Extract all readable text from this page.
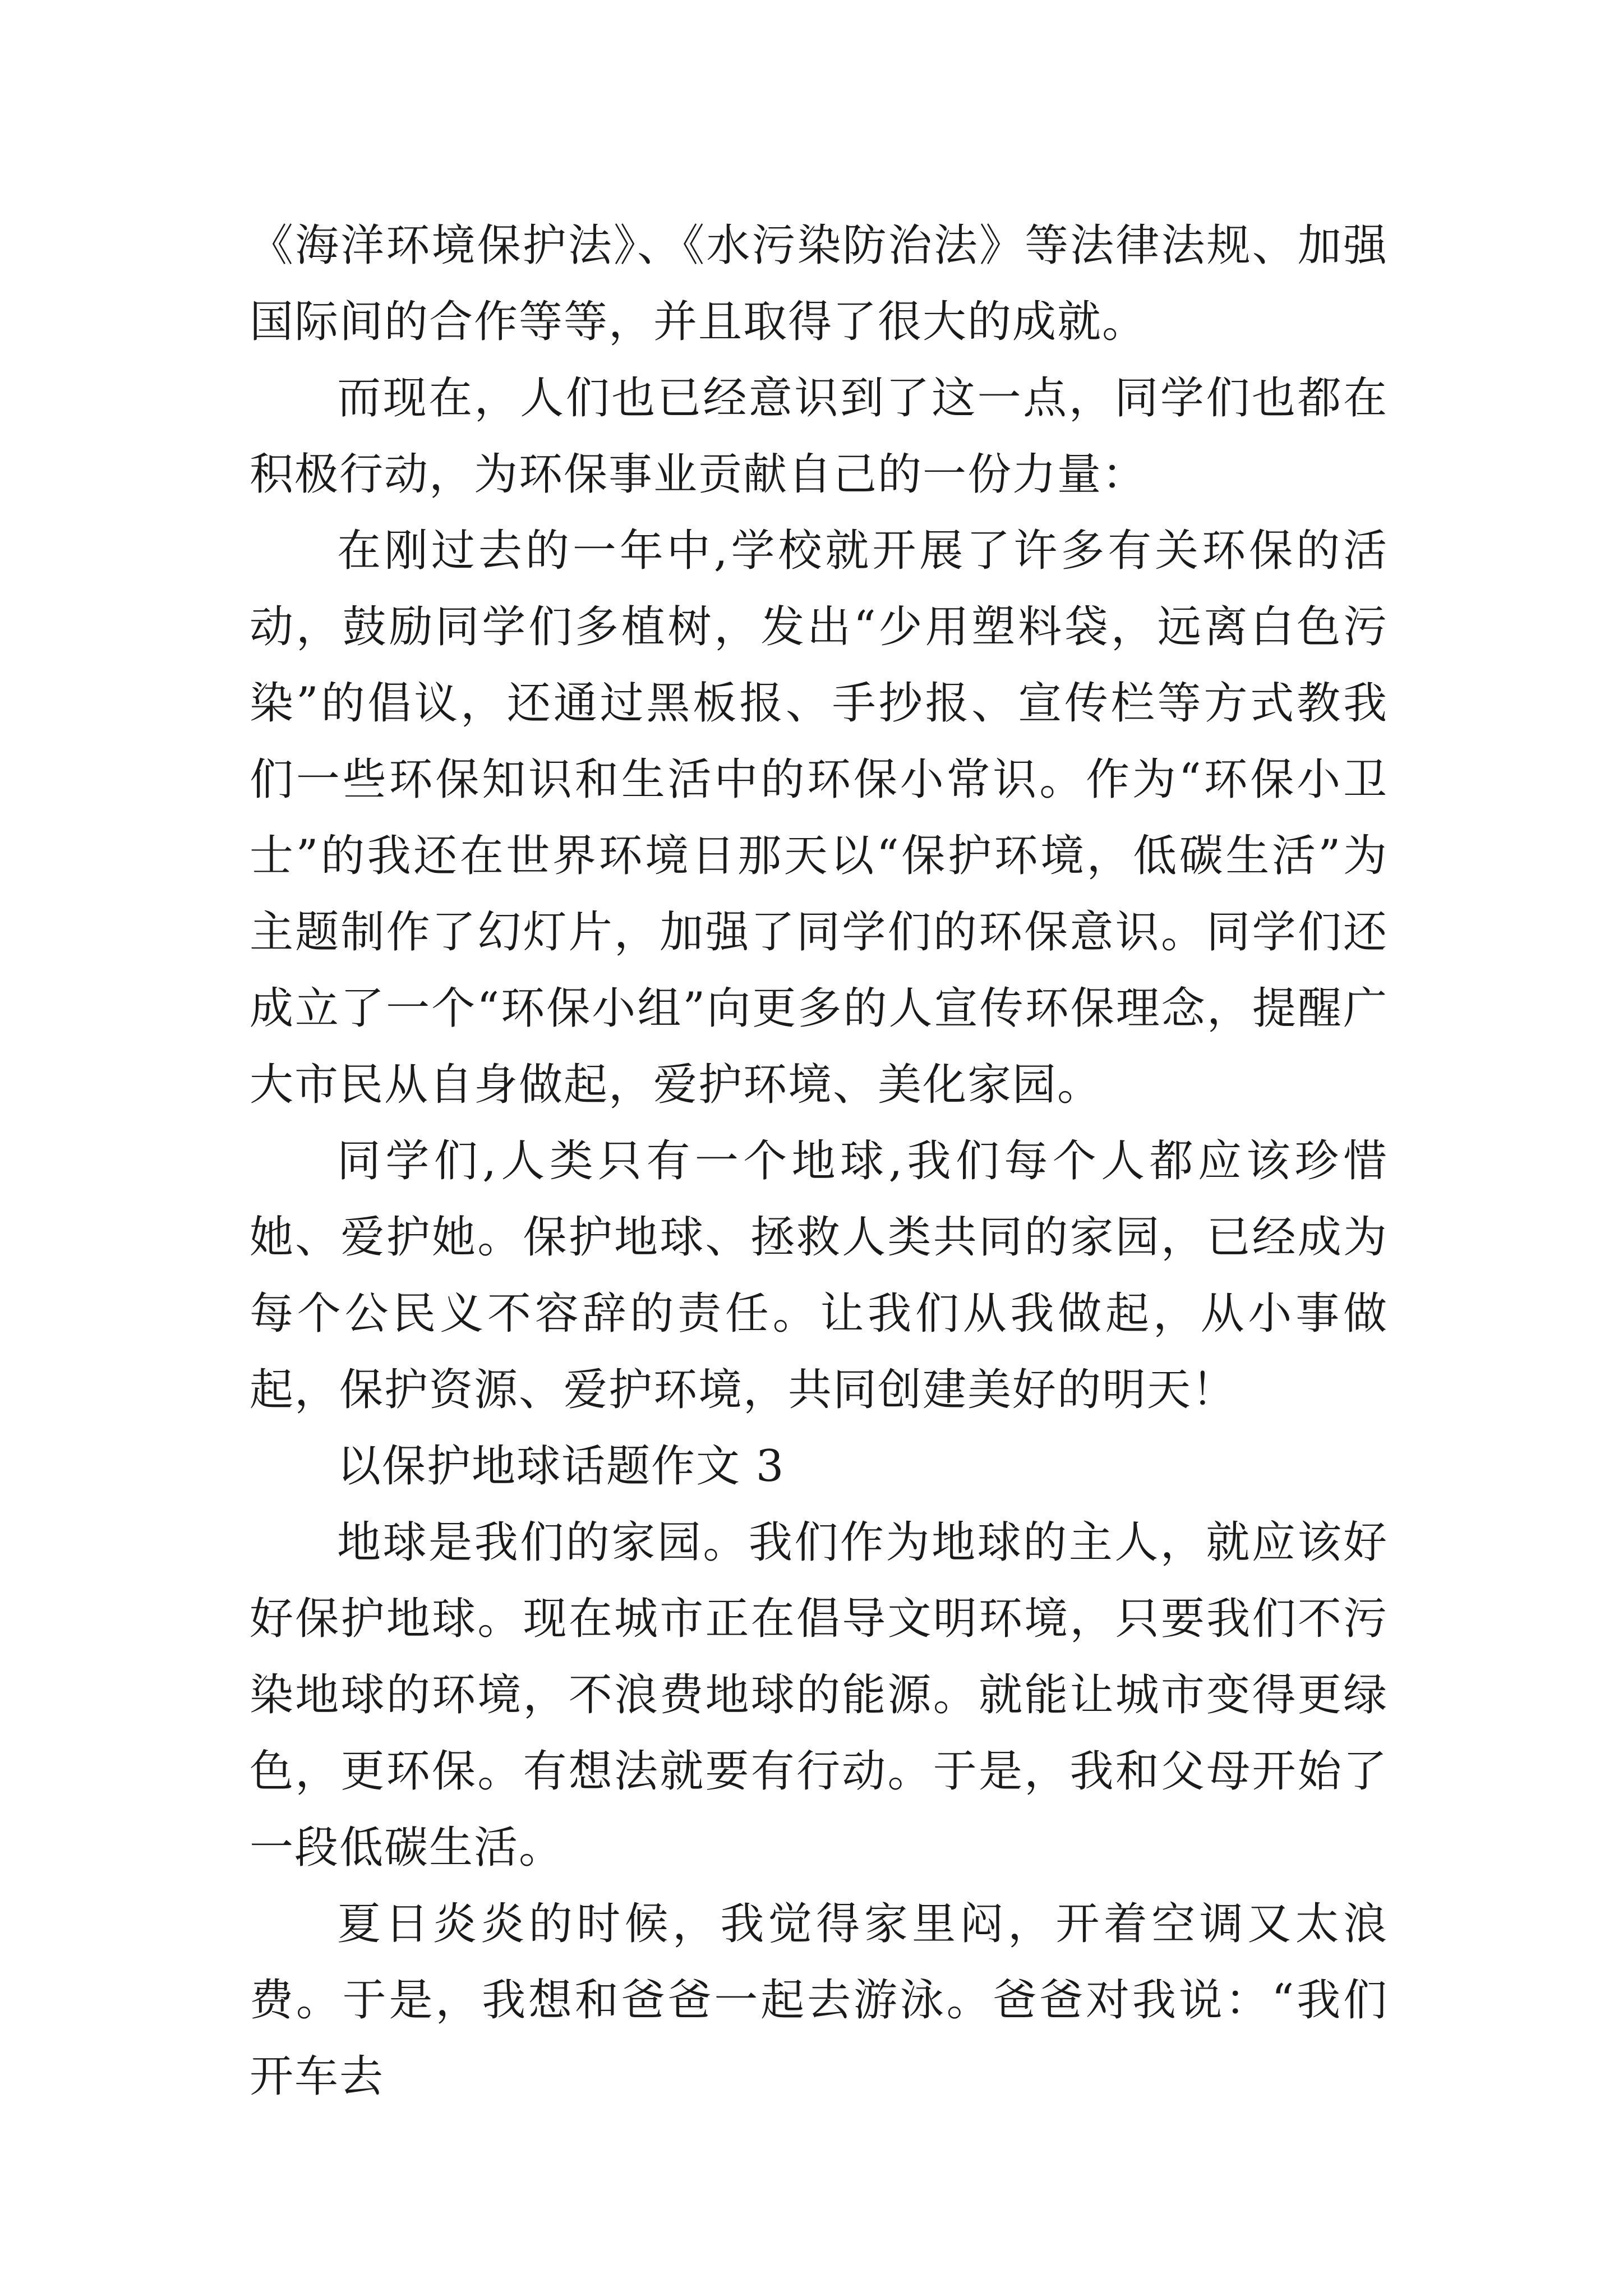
《海洋环境保护法》、《水污染防治法》等法律法规、加强国际间的合作等等，并且取得了很大的成就。

而现在，人们也已经意识到了这一点，同学们也都在积极行动，为环保事业贡献自己的一份力量：

在刚过去的一年中,学校就开展了许多有关环保的活动，鼓励同学们多植树，发出“少用塑料袋，远离白色污染”的倡议，还通过黑板报、手抄报、宣传栏等方式教我们一些环保知识和生活中的环保小常识。作为“环保小卫士”的我还在世界环境日那天以“保护环境，低碳生活”为主题制作了幻灯片，加强了同学们的环保意识。同学们还成立了一个“环保小组”向更多的人宣传环保理念，提醒广大市民从自身做起，爱护环境、美化家园。

同学们,人类只有一个地球,我们每个人都应该珍惜她、爱护她。保护地球、拯救人类共同的家园，已经成为每个公民义不容辞的责任。让我们从我做起，从小事做起，保护资源、爱护环境，共同创建美好的明天！

以保护地球话题作文 3

地球是我们的家园。我们作为地球的主人，就应该好好保护地球。现在城市正在倡导文明环境，只要我们不污染地球的环境，不浪费地球的能源。就能让城市变得更绿色，更环保。有想法就要有行动。于是，我和父母开始了一段低碳生活。

夏日炎炎的时候，我觉得家里闷，开着空调又太浪费。于是，我想和爸爸一起去游泳。爸爸对我说：“我们开车去
